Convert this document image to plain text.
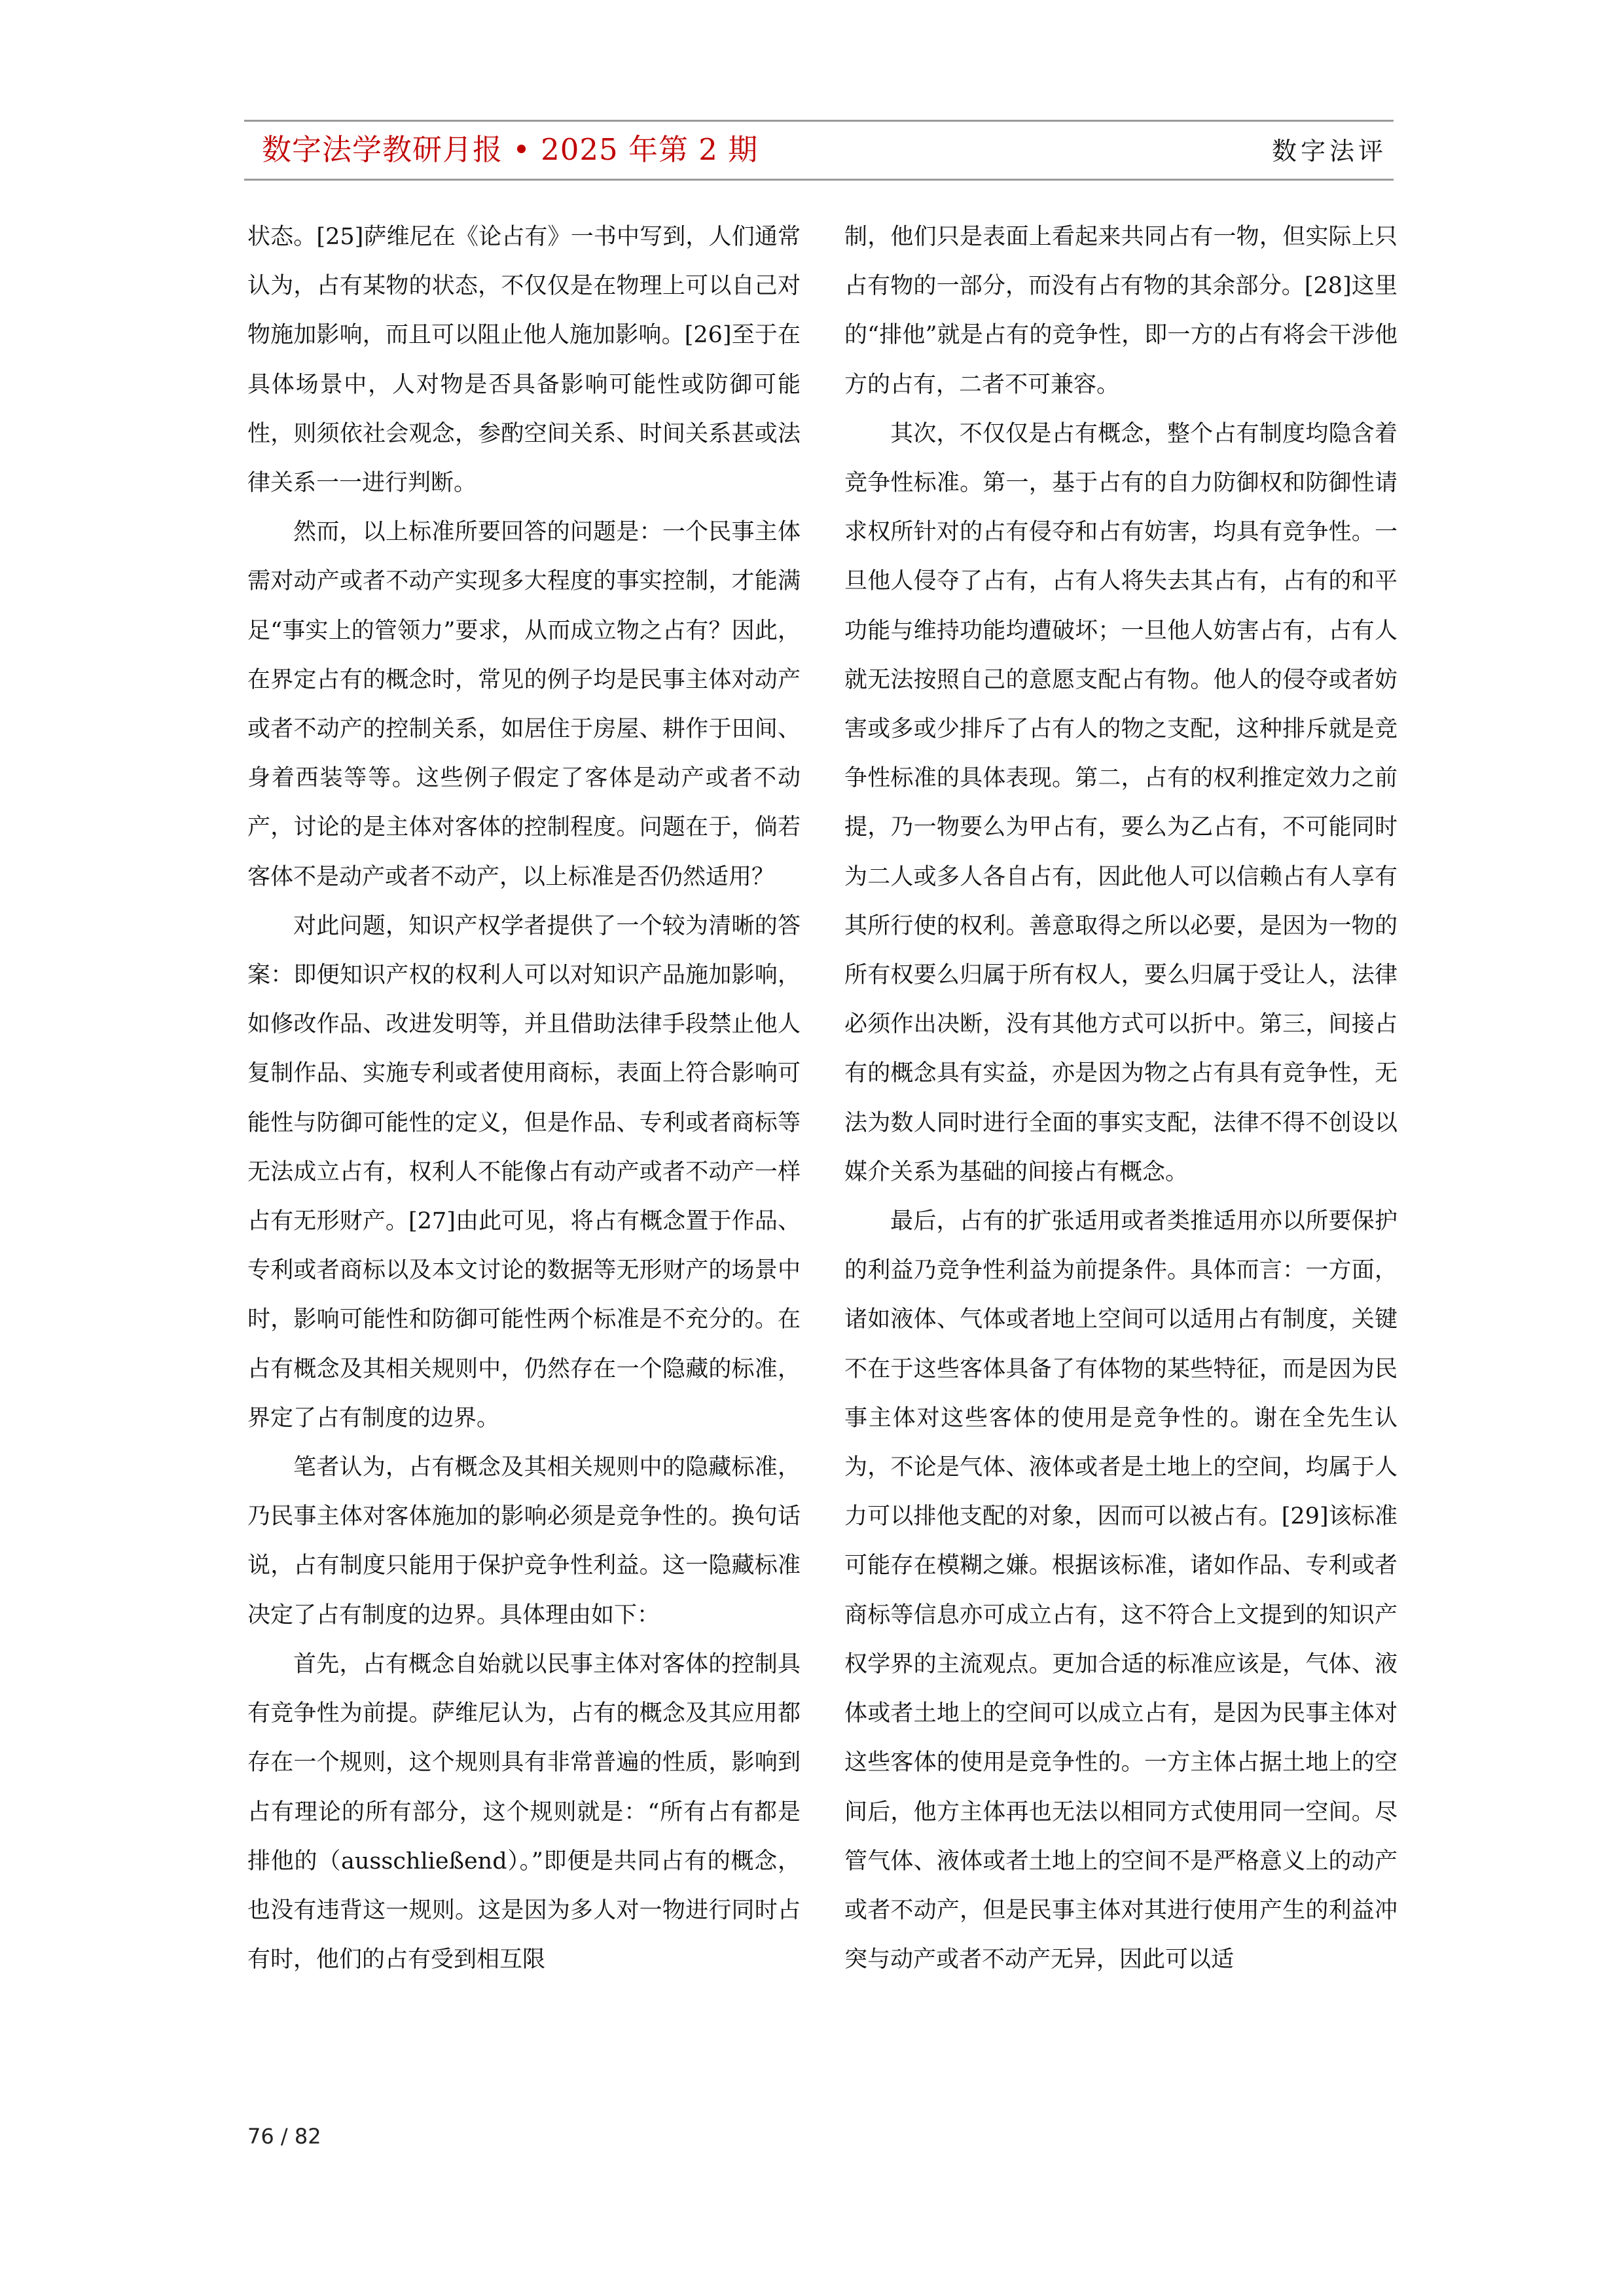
数字法学教研月报 • 2025 年第 2 期	数字法评

状态。[25]萨维尼在《论占有》一书中写到，人们通常认为，占有某物的状态，不仅仅是在物理上可以自己对物施加影响，而且可以阻止他人施加影响。[26]至于在具体场景中，人对物是否具备影响可能性或防御可能性，则须依社会观念，参酌空间关系、时间关系甚或法律关系一一进行判断。

然而，以上标准所要回答的问题是：一个民事主体需对动产或者不动产实现多大程度的事实控制，才能满足“事实上的管领力”要求，从而成立物之占有？因此，在界定占有的概念时，常见的例子均是民事主体对动产或者不动产的控制关系，如居住于房屋、耕作于田间、身着西装等等。这些例子假定了客体是动产或者不动产，讨论的是主体对客体的控制程度。问题在于，倘若客体不是动产或者不动产，以上标准是否仍然适用？

对此问题，知识产权学者提供了一个较为清晰的答案：即便知识产权的权利人可以对知识产品施加影响，如修改作品、改进发明等，并且借助法律手段禁止他人复制作品、实施专利或者使用商标，表面上符合影响可能性与防御可能性的定义，但是作品、专利或者商标等无法成立占有，权利人不能像占有动产或者不动产一样占有无形财产。[27]由此可见，将占有概念置于作品、专利或者商标以及本文讨论的数据等无形财产的场景中时，影响可能性和防御可能性两个标准是不充分的。在占有概念及其相关规则中，仍然存在一个隐藏的标准，界定了占有制度的边界。

笔者认为，占有概念及其相关规则中的隐藏标准，乃民事主体对客体施加的影响必须是竞争性的。换句话说，占有制度只能用于保护竞争性利益。这一隐藏标准决定了占有制度的边界。具体理由如下：

首先，占有概念自始就以民事主体对客体的控制具有竞争性为前提。萨维尼认为，占有的概念及其应用都存在一个规则，这个规则具有非常普遍的性质，影响到占有理论的所有部分，这个规则就是：“所有占有都是排他的（ausschließend）。”即便是共同占有的概念，也没有违背这一规则。这是因为多人对一物进行同时占有时，他们的占有受到相互限

制，他们只是表面上看起来共同占有一物，但实际上只占有物的一部分，而没有占有物的其余部分。[28]这里的“排他”就是占有的竞争性，即一方的占有将会干涉他方的占有，二者不可兼容。

其次，不仅仅是占有概念，整个占有制度均隐含着竞争性标准。第一，基于占有的自力防御权和防御性请求权所针对的占有侵夺和占有妨害，均具有竞争性。一旦他人侵夺了占有，占有人将失去其占有，占有的和平功能与维持功能均遭破坏；一旦他人妨害占有，占有人就无法按照自己的意愿支配占有物。他人的侵夺或者妨害或多或少排斥了占有人的物之支配，这种排斥就是竞争性标准的具体表现。第二，占有的权利推定效力之前提，乃一物要么为甲占有，要么为乙占有，不可能同时为二人或多人各自占有，因此他人可以信赖占有人享有其所行使的权利。善意取得之所以必要，是因为一物的所有权要么归属于所有权人，要么归属于受让人，法律必须作出决断，没有其他方式可以折中。第三，间接占有的概念具有实益，亦是因为物之占有具有竞争性，无法为数人同时进行全面的事实支配，法律不得不创设以媒介关系为基础的间接占有概念。

最后，占有的扩张适用或者类推适用亦以所要保护的利益乃竞争性利益为前提条件。具体而言：一方面，诸如液体、气体或者地上空间可以适用占有制度，关键不在于这些客体具备了有体物的某些特征，而是因为民事主体对这些客体的使用是竞争性的。谢在全先生认为，不论是气体、液体或者是土地上的空间，均属于人力可以排他支配的对象，因而可以被占有。[29]该标准可能存在模糊之嫌。根据该标准，诸如作品、专利或者商标等信息亦可成立占有，这不符合上文提到的知识产权学界的主流观点。更加合适的标准应该是，气体、液体或者土地上的空间可以成立占有，是因为民事主体对这些客体的使用是竞争性的。一方主体占据土地上的空间后，他方主体再也无法以相同方式使用同一空间。尽管气体、液体或者土地上的空间不是严格意义上的动产或者不动产，但是民事主体对其进行使用产生的利益冲突与动产或者不动产无异，因此可以适

76 / 82
